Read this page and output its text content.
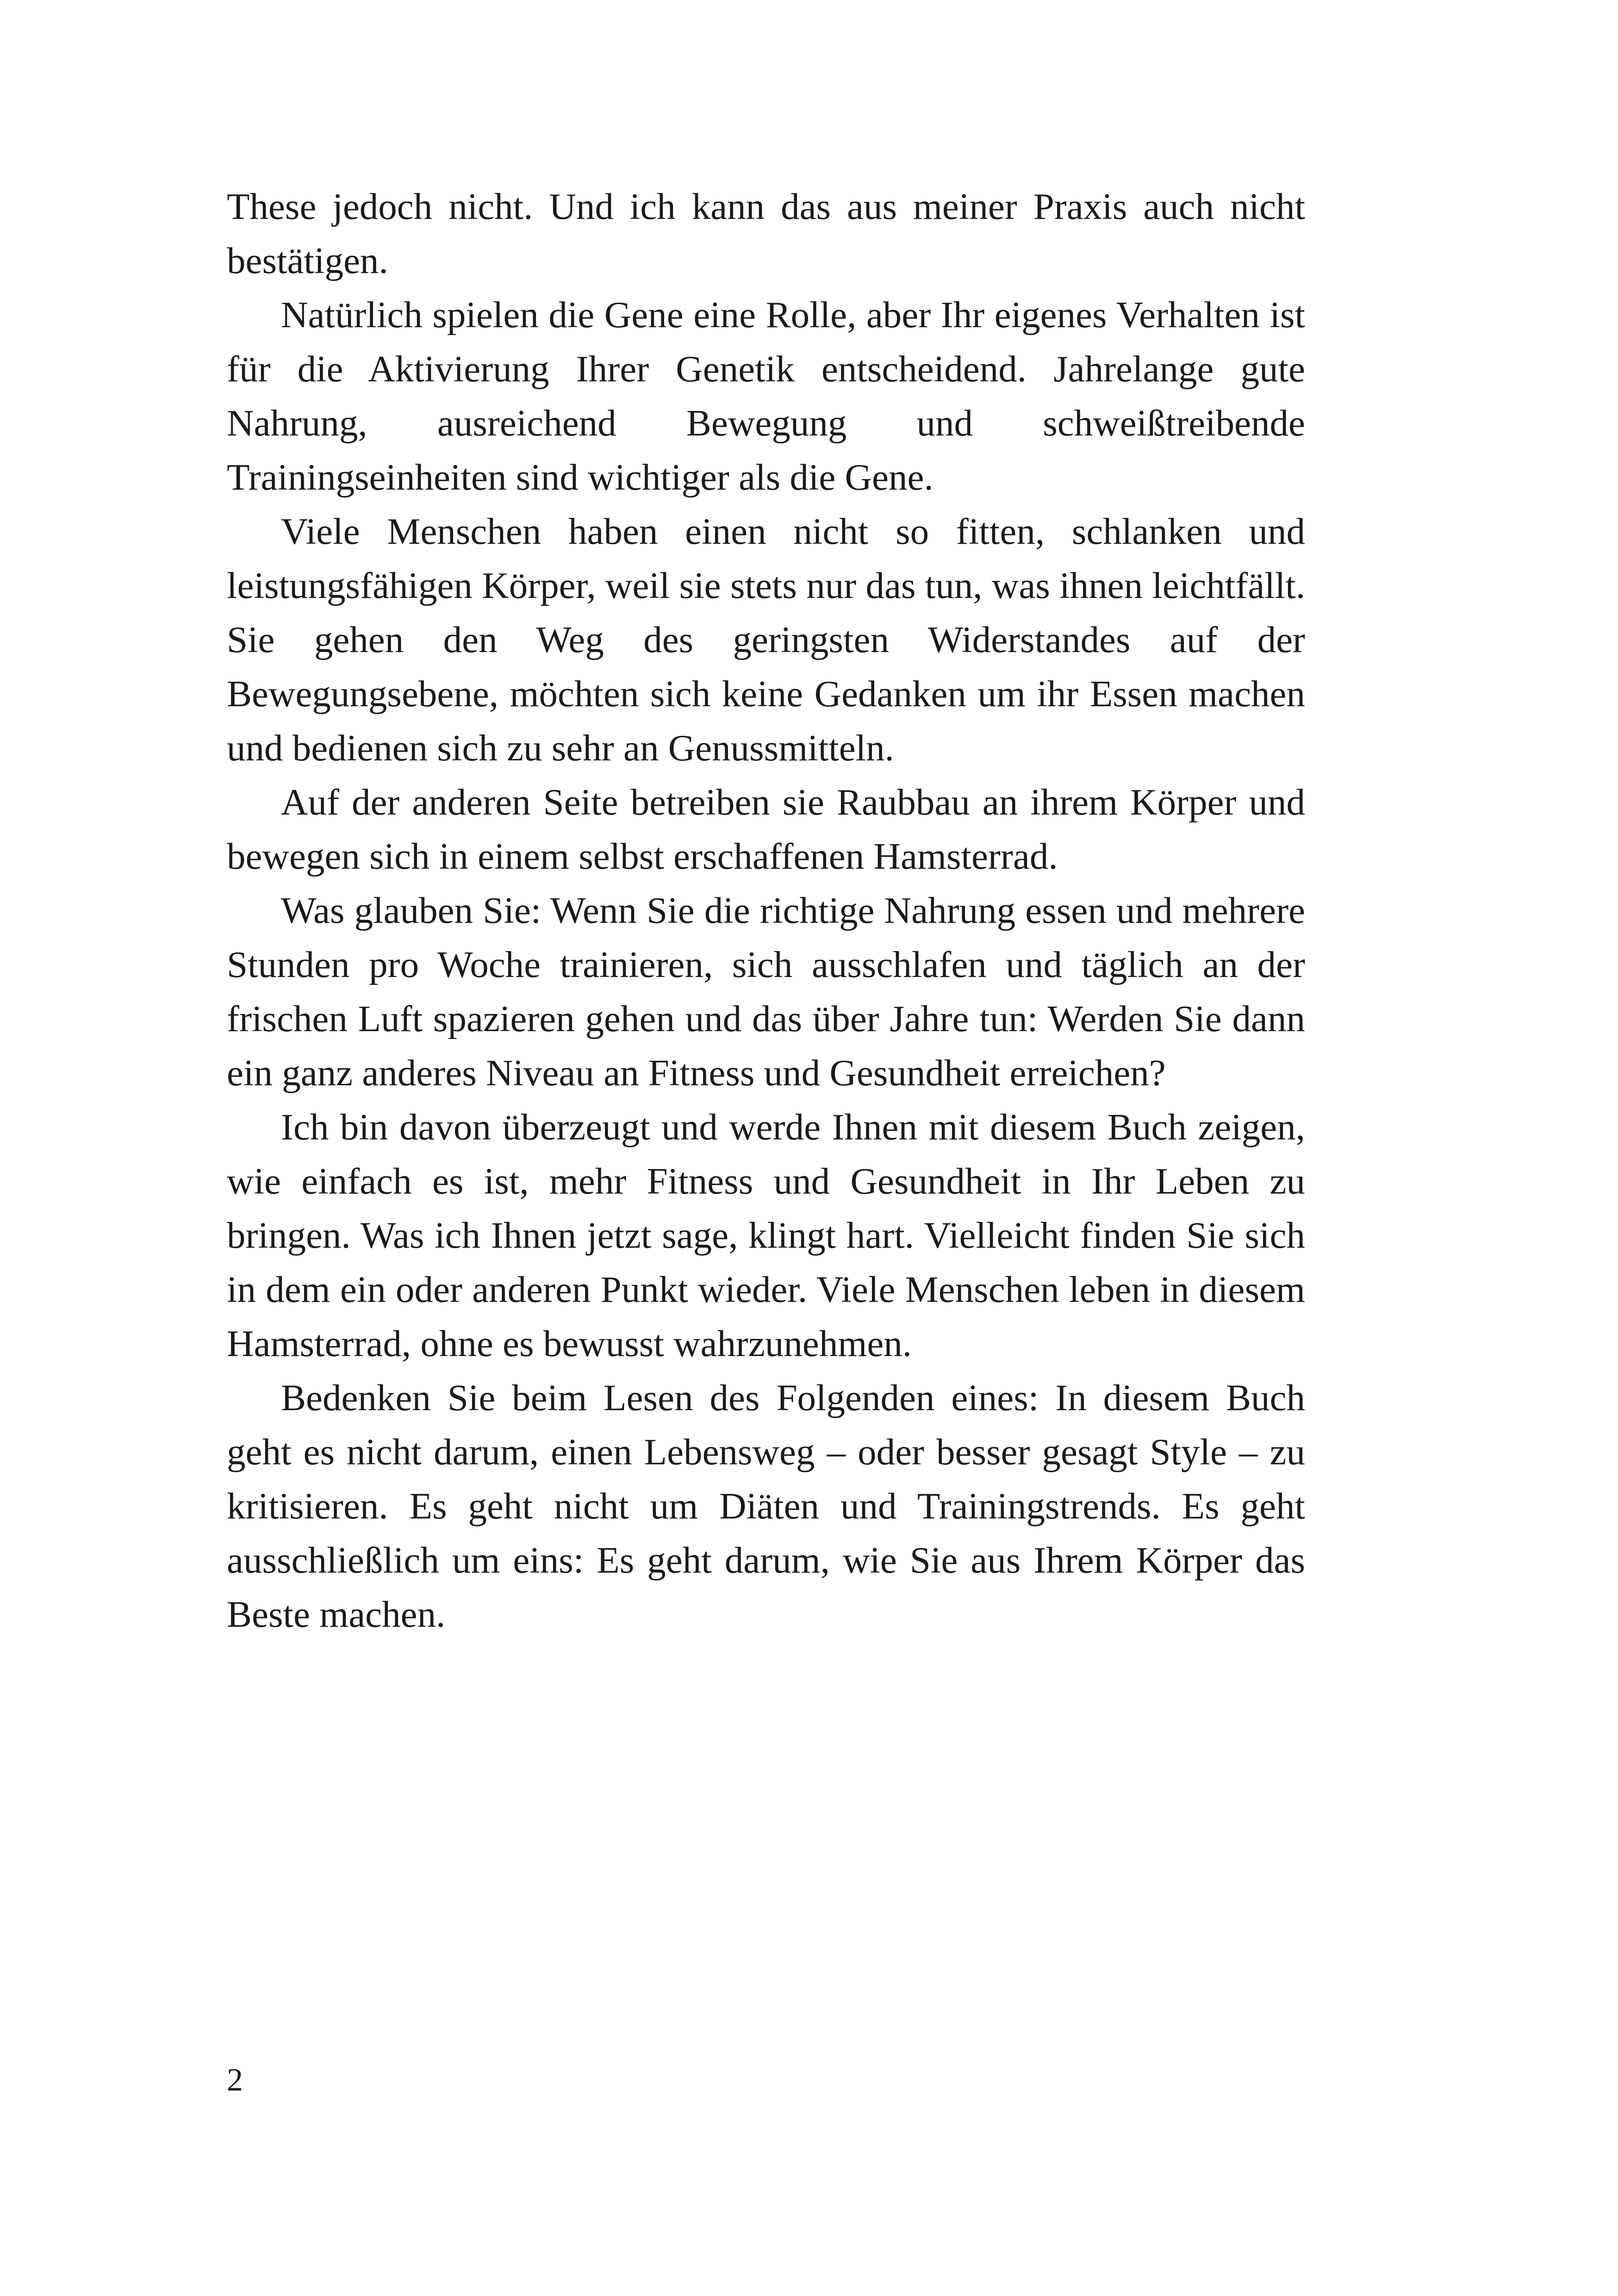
These jedoch nicht. Und ich kann das aus meiner Praxis auch nicht bestätigen.

Natürlich spielen die Gene eine Rolle, aber Ihr eigenes Verhalten ist für die Aktivierung Ihrer Genetik entscheidend. Jahrelange gute Nahrung, ausreichend Bewegung und schweißtreibende Trainingseinheiten sind wichtiger als die Gene.

Viele Menschen haben einen nicht so fitten, schlanken und leistungsfähigen Körper, weil sie stets nur das tun, was ihnen leichtfällt. Sie gehen den Weg des geringsten Widerstandes auf der Bewegungsebene, möchten sich keine Gedanken um ihr Essen machen und bedienen sich zu sehr an Genussmitteln.

Auf der anderen Seite betreiben sie Raubbau an ihrem Körper und bewegen sich in einem selbst erschaffenen Hamsterrad.

Was glauben Sie: Wenn Sie die richtige Nahrung essen und mehrere Stunden pro Woche trainieren, sich ausschlafen und täglich an der frischen Luft spazieren gehen und das über Jahre tun: Werden Sie dann ein ganz anderes Niveau an Fitness und Gesundheit erreichen?

Ich bin davon überzeugt und werde Ihnen mit diesem Buch zeigen, wie einfach es ist, mehr Fitness und Gesundheit in Ihr Leben zu bringen. Was ich Ihnen jetzt sage, klingt hart. Vielleicht finden Sie sich in dem ein oder anderen Punkt wieder. Viele Menschen leben in diesem Hamsterrad, ohne es bewusst wahrzunehmen.

Bedenken Sie beim Lesen des Folgenden eines: In diesem Buch geht es nicht darum, einen Lebensweg – oder besser gesagt Style – zu kritisieren. Es geht nicht um Diäten und Trainingstrends. Es geht ausschließlich um eins: Es geht darum, wie Sie aus Ihrem Körper das Beste machen.

2
